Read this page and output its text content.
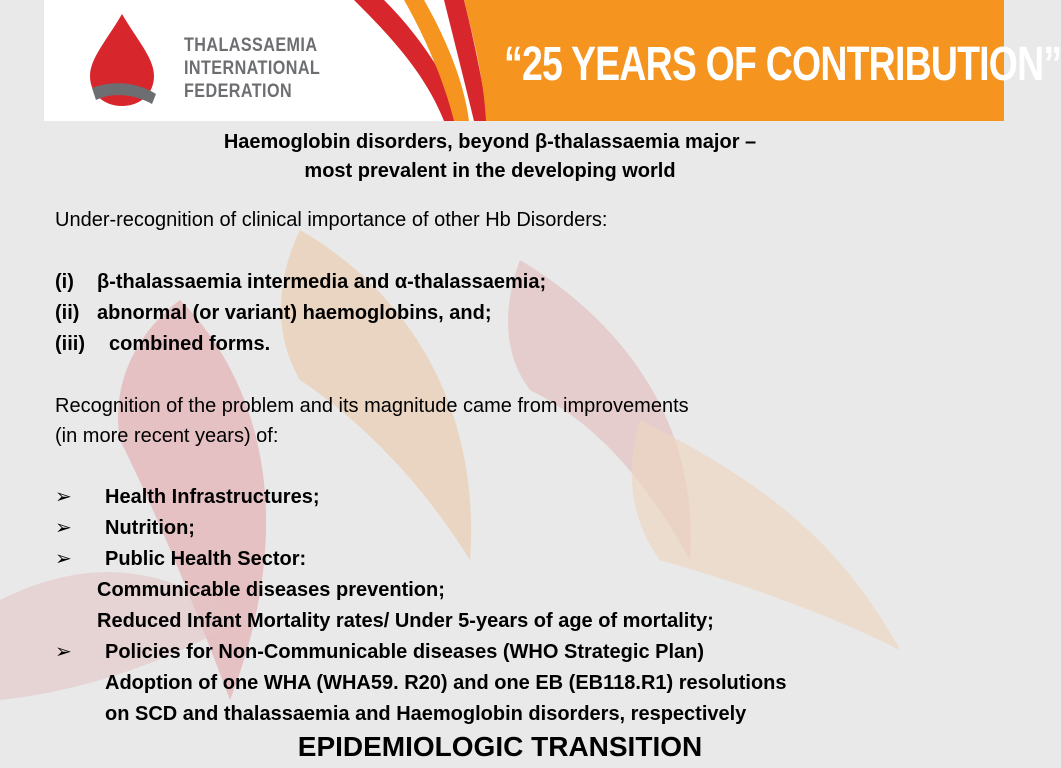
THALASSAEMIA
INTERNATIONAL
FEDERATION
“25 YEARS OF CONTRIBUTION”
Haemoglobin disorders, beyond β-thalassaemia major –
most prevalent in the developing world
Under-recognition of clinical importance of other Hb Disorders:
(i) β-thalassaemia intermedia and α-thalassaemia;
(ii) abnormal (or variant) haemoglobins, and;
(iii) combined forms.
Recognition of the problem and its magnitude came from improvements
(in more recent years) of:
➢ Health Infrastructures;
➢ Nutrition;
➢ Public Health Sector:
Communicable diseases prevention;
Reduced Infant Mortality rates/ Under 5-years of age of mortality;
➢ Policies for Non-Communicable diseases (WHO Strategic Plan)
Adoption of one WHA (WHA59. R20) and one EB (EB118.R1) resolutions
on SCD and thalassaemia and Haemoglobin disorders, respectively
EPIDEMIOLOGIC TRANSITION
